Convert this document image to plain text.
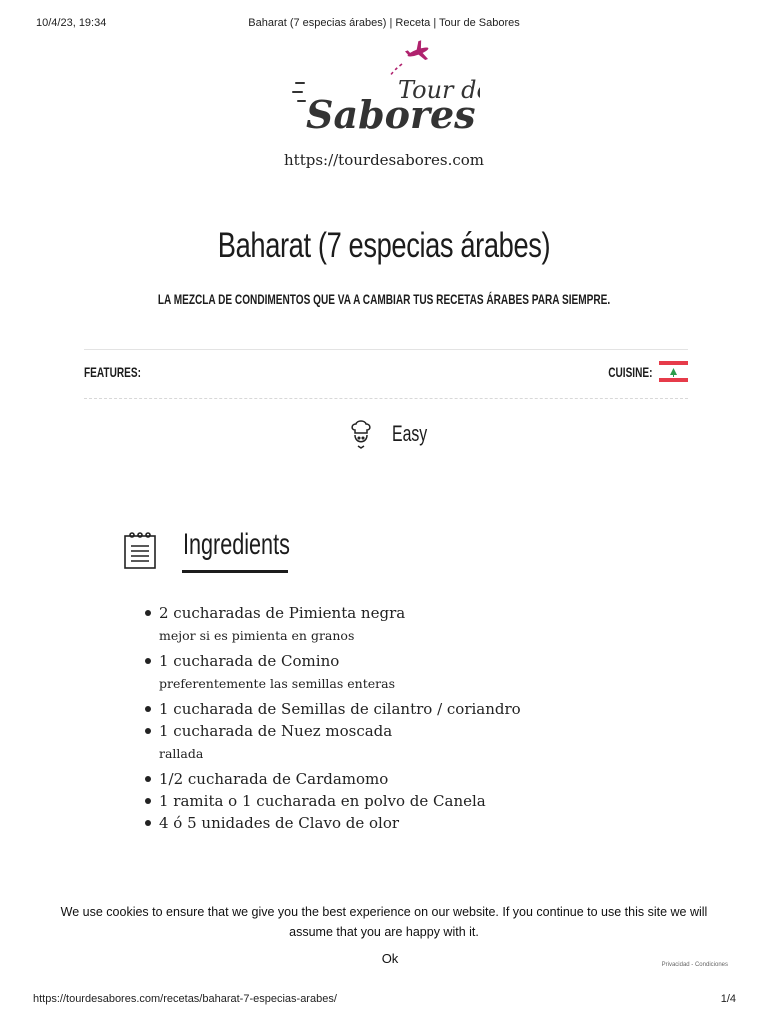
10/4/23, 19:34	Baharat (7 especias árabes) | Receta | Tour de Sabores
Tour d
Sabores
https://tourdesabores.com
Baharat (7 especias árabes)
LA MEZCLA DE CONDIMENTOS QUE VA A CAMBIAR TUS RECETAS ÁRABES PARA SIEMPRE.
FEATURES:	CUISINE:
Easy
Ingredients
2 cucharadas de Pimienta negra
mejor si es pimienta en granos
1 cucharada de Comino
preferentemente las semillas enteras
1 cucharada de Semillas de cilantro / coriandro
1 cucharada de Nuez moscada
rallada
1/2 cucharada de Cardamomo
1 ramita o 1 cucharada en polvo de Canela
4 ó 5 unidades de Clavo de olor
We use cookies to ensure that we give you the best experience on our website. If you continue to use this site we will assume that you are happy with it.
Ok	Privacidad - Condiciones
https://tourdesabores.com/recetas/baharat-7-especias-arabes/	1/4
